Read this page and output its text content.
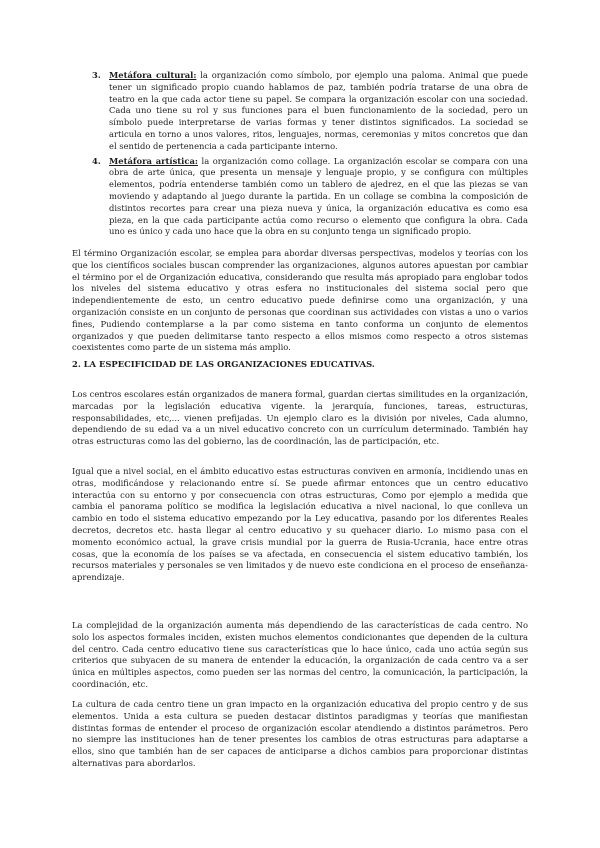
3. Metáfora cultural: la organización como símbolo, por ejemplo una paloma. Animal que puede tener un significado propio cuando hablamos de paz, también podría tratarse de una obra de teatro en la que cada actor tiene su papel. Se compara la organización escolar con una sociedad. Cada uno tiene su rol y sus funciones para el buen funcionamiento de la sociedad, pero un símbolo puede interpretarse de varias formas y tener distintos significados. La sociedad se articula en torno a unos valores, ritos, lenguajes, normas, ceremonias y mitos concretos que dan el sentido de pertenencia a cada participante interno.
4. Metáfora artística: la organización como collage. La organización escolar se compara con una obra de arte única, que presenta un mensaje y lenguaje propio, y se configura con múltiples elementos, podría entenderse también como un tablero de ajedrez, en el que las piezas se van moviendo y adaptando al juego durante la partida. En un collage se combina la composición de distintos recortes para crear una pieza nueva y única, la organización educativa es como esa pieza, en la que cada participante actúa como recurso o elemento que configura la obra. Cada uno es único y cada uno hace que la obra en su conjunto tenga un significado propio.

El término Organización escolar, se emplea para abordar diversas perspectivas, modelos y teorías con los que los científicos sociales buscan comprender las organizaciones, algunos autores apuestan por cambiar el término por el de Organización educativa, considerando que resulta más apropiado para englobar todos los niveles del sistema educativo y otras esfera no institucionales del sistema social pero que independientemente de esto, un centro educativo puede definirse como una organización, y una organización consiste en un conjunto de personas que coordinan sus actividades con vistas a uno o varios fines, Pudiendo contemplarse a la par como sistema en tanto conforma un conjunto de elementos organizados y que pueden delimitarse tanto respecto a ellos mismos como respecto a otros sistemas coexistentes como parte de un sistema más amplio.

2. LA ESPECIFICIDAD DE LAS ORGANIZACIONES EDUCATIVAS.

Los centros escolares están organizados de manera formal, guardan ciertas similitudes en la organización, marcadas por la legislación educativa vigente. la jerarquía, funciones, tareas, estructuras, responsabilidades, etc,... vienen prefijadas. Un ejemplo claro es la división por niveles, Cada alumno, dependiendo de su edad va a un nivel educativo concreto con un currículum determinado. También hay otras estructuras como las del gobierno, las de coordinación, las de participación, etc.

Igual que a nivel social, en el ámbito educativo estas estructuras conviven en armonía, incidiendo unas en otras, modificándose y relacionando entre sí. Se puede afirmar entonces que un centro educativo interactúa con su entorno y por consecuencia con otras estructuras, Como por ejemplo a medida que cambia el panorama político se modifica la legislación educativa a nivel nacional, lo que conlleva un cambio en todo el sistema educativo empezando por la Ley educativa, pasando por los diferentes Reales decretos, decretos etc. hasta llegar al centro educativo y su quehacer diario. Lo mismo pasa con el momento económico actual, la grave crisis mundial por la guerra de Rusia-Ucrania, hace entre otras cosas, que la economía de los países se va afectada, en consecuencia el sistem educativo también, los recursos materiales y personales se ven limitados y de nuevo este condiciona en el proceso de enseñanza-aprendizaje.

La complejidad de la organización aumenta más dependiendo de las características de cada centro. No solo los aspectos formales inciden, existen muchos elementos condicionantes que dependen de la cultura del centro. Cada centro educativo tiene sus características que lo hace único, cada uno actúa según sus criterios que subyacen de su manera de entender la educación, la organización de cada centro va a ser única en múltiples aspectos, como pueden ser las normas del centro, la comunicación, la participación, la coordinación, etc.

La cultura de cada centro tiene un gran impacto en la organización educativa del propio centro y de sus elementos. Unida a esta cultura se pueden destacar distintos paradigmas y teorías que manifiestan distintas formas de entender el proceso de organización escolar atendiendo a distintos parámetros. Pero no siempre las instituciones han de tener presentes los cambios de otras estructuras para adaptarse a ellos, sino que también han de ser capaces de anticiparse a dichos cambios para proporcionar distintas alternativas para abordarlos.
